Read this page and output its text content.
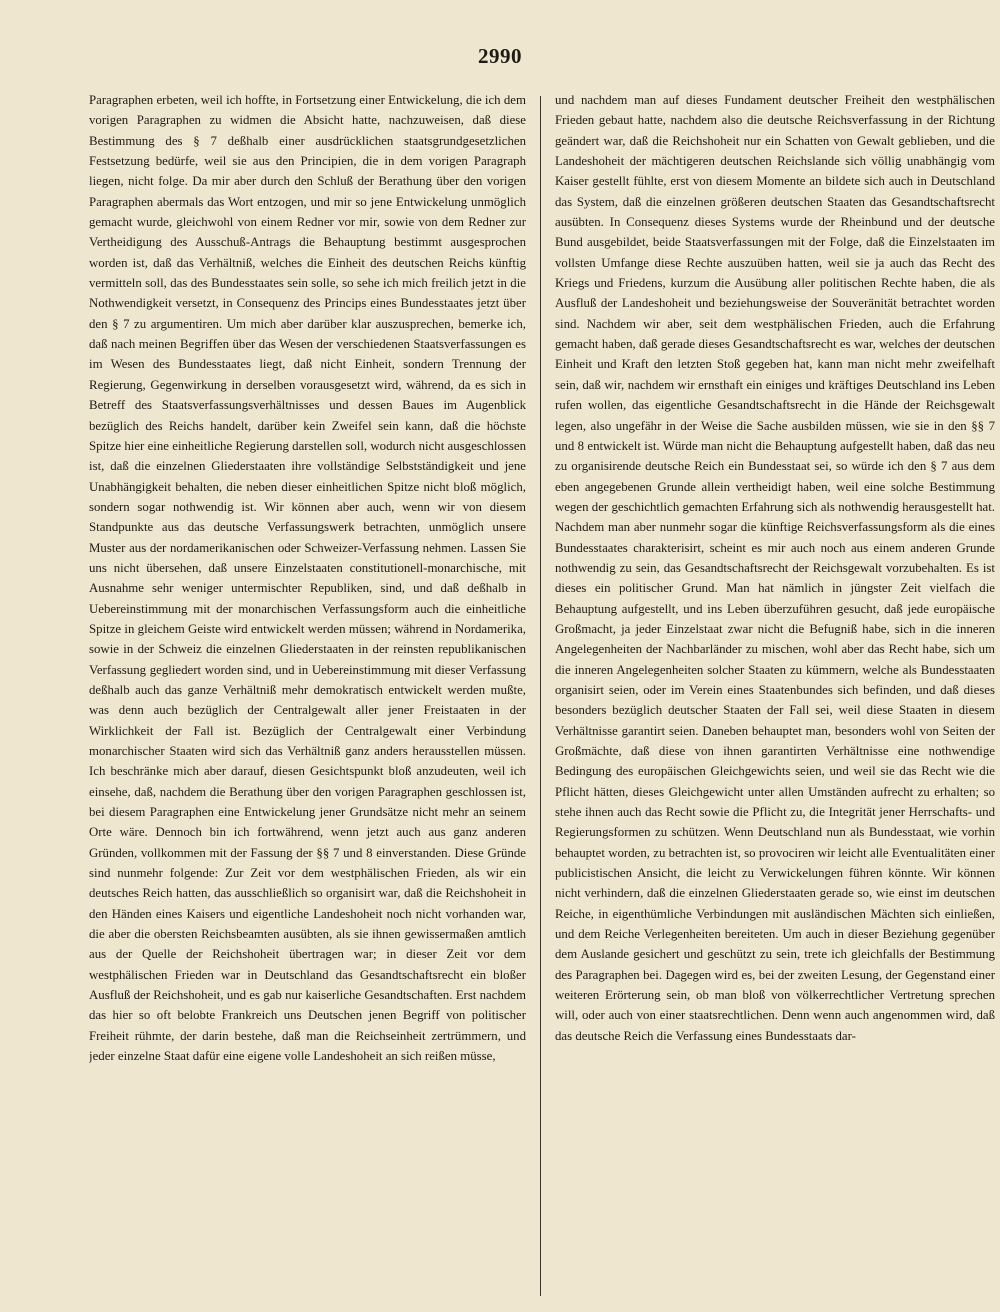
2990

Paragraphen erbeten, weil ich hoffte, in Fortsetzung einer Entwickelung, die ich dem vorigen Paragraphen zu widmen die Absicht hatte, nachzuweisen, daß diese Bestimmung des § 7 deßhalb einer ausdrücklichen staatsgrundgesetzlichen Festsetzung bedürfe, weil sie aus den Principien, die in dem vorigen Paragraph liegen, nicht folge. Da mir aber durch den Schluß der Berathung über den vorigen Paragraphen abermals das Wort entzogen, und mir so jene Entwickelung unmöglich gemacht wurde, gleichwohl von einem Redner vor mir, sowie von dem Redner zur Vertheidigung des Ausschuß-Antrags die Behauptung bestimmt ausgesprochen worden ist, daß das Verhältniß, welches die Einheit des deutschen Reichs künftig vermitteln soll, das des Bundesstaates sein solle, so sehe ich mich freilich jetzt in die Nothwendigkeit versetzt, in Consequenz des Princips eines Bundesstaates jetzt über den § 7 zu argumentiren. Um mich aber darüber klar auszusprechen, bemerke ich, daß nach meinen Begriffen über das Wesen der verschiedenen Staatsverfassungen es im Wesen des Bundesstaates liegt, daß nicht Einheit, sondern Trennung der Regierung, Gegenwirkung in derselben vorausgesetzt wird, während, da es sich in Betreff des Staatsverfassungsverhältnisses und dessen Baues im Augenblick bezüglich des Reichs handelt, darüber kein Zweifel sein kann, daß die höchste Spitze hier eine einheitliche Regierung darstellen soll, wodurch nicht ausgeschlossen ist, daß die einzelnen Gliederstaaten ihre vollständige Selbstständigkeit und jene Unabhängigkeit behalten, die neben dieser einheitlichen Spitze nicht bloß möglich, sondern sogar nothwendig ist. Wir können aber auch, wenn wir von diesem Standpunkte aus das deutsche Verfassungswerk betrachten, unmöglich unsere Muster aus der nordamerikanischen oder Schweizer-Verfassung nehmen. Lassen Sie uns nicht übersehen, daß unsere Einzelstaaten constitutionell-monarchische, mit Ausnahme sehr weniger untermischter Republiken, sind, und daß deßhalb in Uebereinstimmung mit der monarchischen Verfassungsform auch die einheitliche Spitze in gleichem Geiste wird entwickelt werden müssen; während in Nordamerika, sowie in der Schweiz die einzelnen Gliederstaaten in der reinsten republikanischen Verfassung gegliedert worden sind, und in Uebereinstimmung mit dieser Verfassung deßhalb auch das ganze Verhältniß mehr demokratisch entwickelt werden mußte, was denn auch bezüglich der Centralgewalt aller jener Freistaaten in der Wirklichkeit der Fall ist. Bezüglich der Centralgewalt einer Verbindung monarchischer Staaten wird sich das Verhältniß ganz anders herausstellen müssen. Ich beschränke mich aber darauf, diesen Gesichtspunkt bloß anzudeuten, weil ich einsehe, daß, nachdem die Berathung über den vorigen Paragraphen geschlossen ist, bei diesem Paragraphen eine Entwickelung jener Grundsätze nicht mehr an seinem Orte wäre. Dennoch bin ich fortwährend, wenn jetzt auch aus ganz anderen Gründen, vollkommen mit der Fassung der §§ 7 und 8 einverstanden. Diese Gründe sind nunmehr folgende: Zur Zeit vor dem westphälischen Frieden, als wir ein deutsches Reich hatten, das ausschließlich so organisirt war, daß die Reichshoheit in den Händen eines Kaisers und eigentliche Landeshoheit noch nicht vorhanden war, die aber die obersten Reichsbeamten ausübten, als sie ihnen gewissermaßen amtlich aus der Quelle der Reichshoheit übertragen war; in dieser Zeit vor dem westphälischen Frieden war in Deutschland das Gesandtschaftsrecht ein bloßer Ausfluß der Reichshoheit, und es gab nur kaiserliche Gesandtschaften. Erst nachdem das hier so oft belobte Frankreich uns Deutschen jenen Begriff von politischer Freiheit rühmte, der darin bestehe, daß man die Reichseinheit zertrümmern, und jeder einzelne Staat dafür eine eigene volle Landeshoheit an sich reißen müsse,

und nachdem man auf dieses Fundament deutscher Freiheit den westphälischen Frieden gebaut hatte, nachdem also die deutsche Reichsverfassung in der Richtung geändert war, daß die Reichshoheit nur ein Schatten von Gewalt geblieben, und die Landeshoheit der mächtigeren deutschen Reichslande sich völlig unabhängig vom Kaiser gestellt fühlte, erst von diesem Momente an bildete sich auch in Deutschland das System, daß die einzelnen größeren deutschen Staaten das Gesandtschaftsrecht ausübten. In Consequenz dieses Systems wurde der Rheinbund und der deutsche Bund ausgebildet, beide Staatsverfassungen mit der Folge, daß die Einzelstaaten im vollsten Umfange diese Rechte auszuüben hatten, weil sie ja auch das Recht des Kriegs und Friedens, kurzum die Ausübung aller politischen Rechte haben, die als Ausfluß der Landeshoheit und beziehungsweise der Souveränität betrachtet worden sind. Nachdem wir aber, seit dem westphälischen Frieden, auch die Erfahrung gemacht haben, daß gerade dieses Gesandtschaftsrecht es war, welches der deutschen Einheit und Kraft den letzten Stoß gegeben hat, kann man nicht mehr zweifelhaft sein, daß wir, nachdem wir ernsthaft ein einiges und kräftiges Deutschland ins Leben rufen wollen, das eigentliche Gesandtschaftsrecht in die Hände der Reichsgewalt legen, also ungefähr in der Weise die Sache ausbilden müssen, wie sie in den §§ 7 und 8 entwickelt ist. Würde man nicht die Behauptung aufgestellt haben, daß das neu zu organisirende deutsche Reich ein Bundesstaat sei, so würde ich den § 7 aus dem eben angegebenen Grunde allein vertheidigt haben, weil eine solche Bestimmung wegen der geschichtlich gemachten Erfahrung sich als nothwendig herausgestellt hat. Nachdem man aber nunmehr sogar die künftige Reichsverfassungsform als die eines Bundesstaates charakterisirt, scheint es mir auch noch aus einem anderen Grunde nothwendig zu sein, das Gesandtschaftsrecht der Reichsgewalt vorzubehalten. Es ist dieses ein politischer Grund. Man hat nämlich in jüngster Zeit vielfach die Behauptung aufgestellt, und ins Leben überzuführen gesucht, daß jede europäische Großmacht, ja jeder Einzelstaat zwar nicht die Befugniß habe, sich in die inneren Angelegenheiten der Nachbarländer zu mischen, wohl aber das Recht habe, sich um die inneren Angelegenheiten solcher Staaten zu kümmern, welche als Bundesstaaten organisirt seien, oder im Verein eines Staatenbundes sich befinden, und daß dieses besonders bezüglich deutscher Staaten der Fall sei, weil diese Staaten in diesem Verhältnisse garantirt seien. Daneben behauptet man, besonders wohl von Seiten der Großmächte, daß diese von ihnen garantirten Verhältnisse eine nothwendige Bedingung des europäischen Gleichgewichts seien, und weil sie das Recht wie die Pflicht hätten, dieses Gleichgewicht unter allen Umständen aufrecht zu erhalten; so stehe ihnen auch das Recht sowie die Pflicht zu, die Integrität jener Herrschafts- und Regierungsformen zu schützen. Wenn Deutschland nun als Bundesstaat, wie vorhin behauptet worden, zu betrachten ist, so provociren wir leicht alle Eventualitäten einer publicistischen Ansicht, die leicht zu Verwickelungen führen könnte. Wir können nicht verhindern, daß die einzelnen Gliederstaaten gerade so, wie einst im deutschen Reiche, in eigenthümliche Verbindungen mit ausländischen Mächten sich einließen, und dem Reiche Verlegenheiten bereiteten. Um auch in dieser Beziehung gegenüber dem Auslande gesichert und geschützt zu sein, trete ich gleichfalls der Bestimmung des Paragraphen bei. Dagegen wird es, bei der zweiten Lesung, der Gegenstand einer weiteren Erörterung sein, ob man bloß von völkerrechtlicher Vertretung sprechen will, oder auch von einer staatsrechtlichen. Denn wenn auch angenommen wird, daß das deutsche Reich die Verfassung eines Bundesstaats dar-
